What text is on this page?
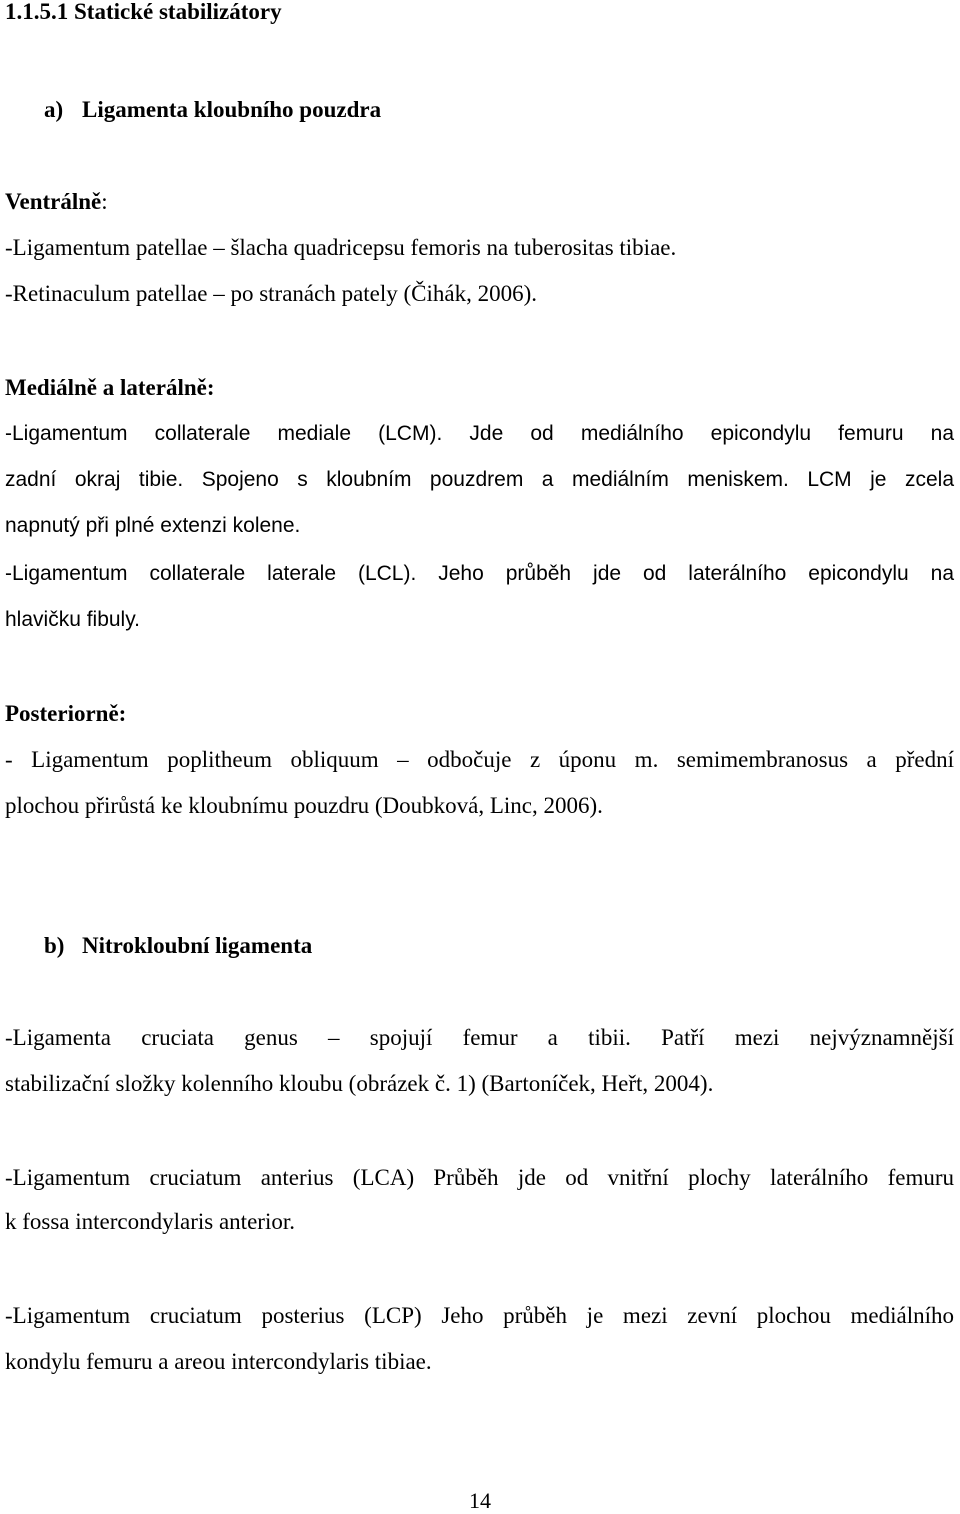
1.1.5.1 Statické stabilizátory
a) Ligamenta kloubního pouzdra
Ventrálně:
-Ligamentum patellae – šlacha quadricepsu femoris na tuberositas tibiae.
-Retinaculum patellae – po stranách pately (Čihák, 2006).
Mediálně a laterálně:
-Ligamentum collaterale mediale (LCM). Jde od mediálního epicondylu femuru na
zadní okraj tibie. Spojeno s kloubním pouzdrem a mediálním meniskem. LCM je zcela
napnutý při plné extenzi kolene.
-Ligamentum collaterale laterale (LCL). Jeho průběh jde od laterálního epicondylu na
hlavičku fibuly.
Posteriorně:
- Ligamentum poplitheum obliquum – odbočuje z úponu m. semimembranosus a přední
plochou přirůstá ke kloubnímu pouzdru (Doubková, Linc, 2006).
b) Nitrokloubní ligamenta
-Ligamenta cruciata genus – spojují femur a tibii. Patří mezi nejvýznamnější
stabilizační složky kolenního kloubu (obrázek č. 1) (Bartoníček, Heřt, 2004).
-Ligamentum cruciatum anterius (LCA) Průběh jde od vnitřní plochy laterálního femuru
k fossa intercondylaris anterior.
-Ligamentum cruciatum posterius (LCP) Jeho průběh je mezi zevní plochou mediálního
kondylu femuru a areou intercondylaris tibiae.
14
